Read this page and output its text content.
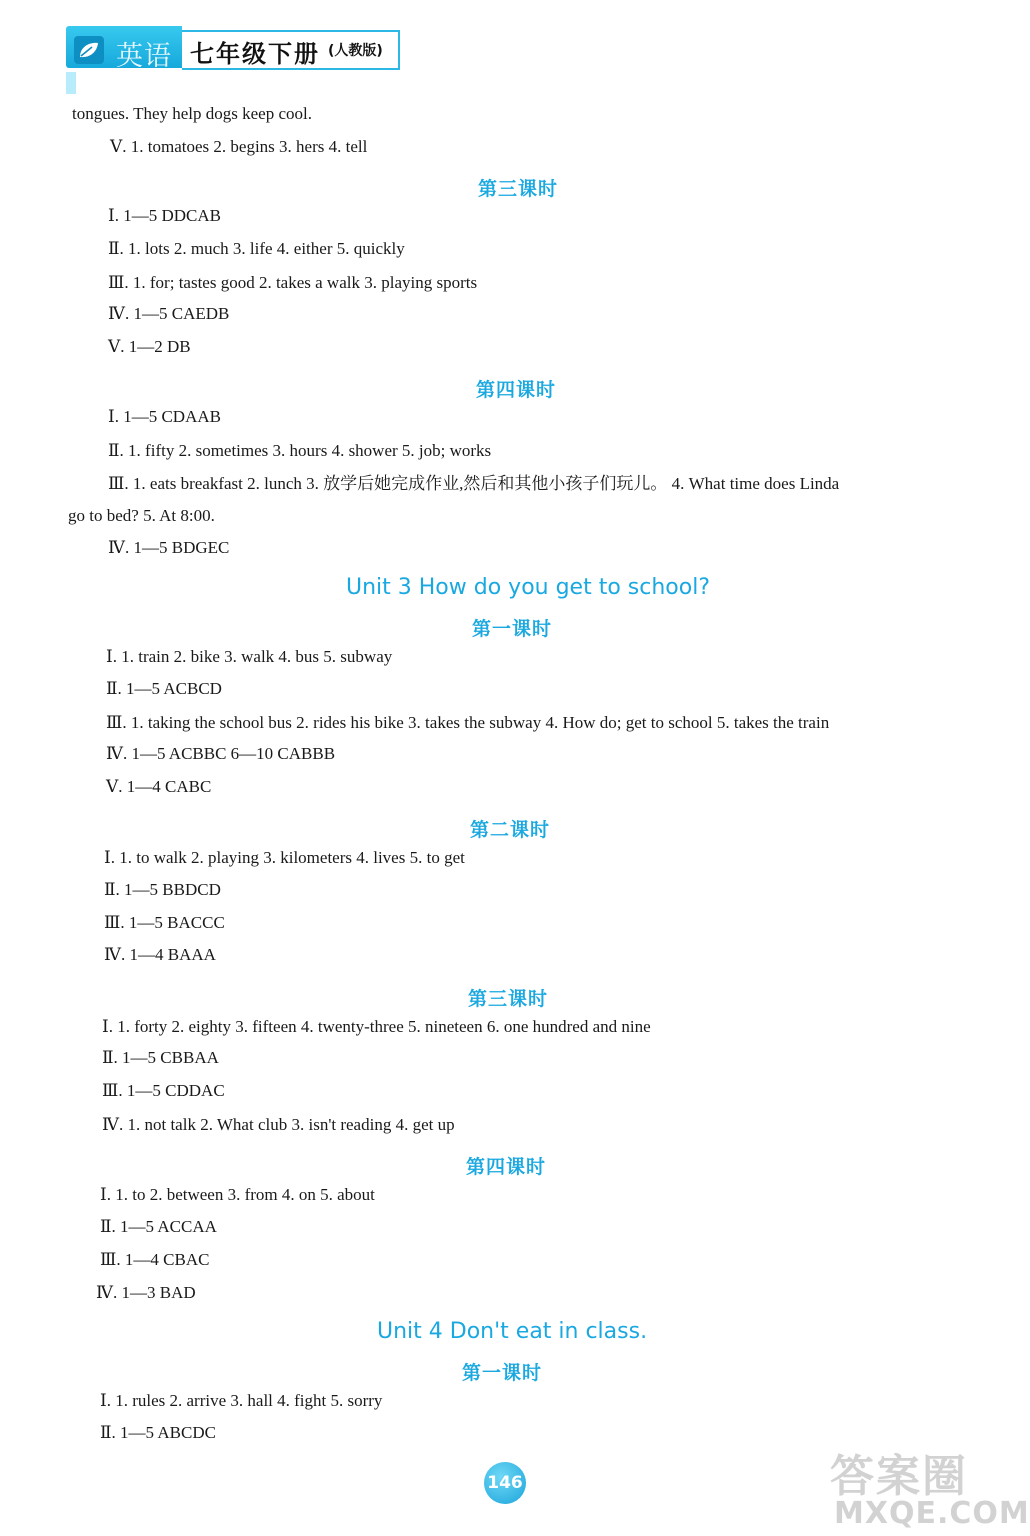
英语 七年级下册 (人教版)
tongues. They help dogs keep cool.
Ⅴ. 1. tomatoes 2. begins 3. hers 4. tell
第三课时
Ⅰ. 1—5 DDCAB
Ⅱ. 1. lots 2. much 3. life 4. either 5. quickly
Ⅲ. 1. for; tastes good 2. takes a walk 3. playing sports
Ⅳ. 1—5 CAEDB
Ⅴ. 1—2 DB
第四课时
Ⅰ. 1—5 CDAAB
Ⅱ. 1. fifty 2. sometimes 3. hours 4. shower 5. job; works
Ⅲ. 1. eats breakfast 2. lunch 3. 放学后她完成作业,然后和其他小孩子们玩儿。 4. What time does Linda
go to bed? 5. At 8:00.
Ⅳ. 1—5 BDGEC
Unit 3 How do you get to school?
第一课时
Ⅰ. 1. train 2. bike 3. walk 4. bus 5. subway
Ⅱ. 1—5 ACBCD
Ⅲ. 1. taking the school bus 2. rides his bike 3. takes the subway 4. How do; get to school 5. takes the train
Ⅳ. 1—5 ACBBC 6—10 CABBB
Ⅴ. 1—4 CABC
第二课时
Ⅰ. 1. to walk 2. playing 3. kilometers 4. lives 5. to get
Ⅱ. 1—5 BBDCD
Ⅲ. 1—5 BACCC
Ⅳ. 1—4 BAAA
第三课时
Ⅰ. 1. forty 2. eighty 3. fifteen 4. twenty-three 5. nineteen 6. one hundred and nine
Ⅱ. 1—5 CBBAA
Ⅲ. 1—5 CDDAC
Ⅳ. 1. not talk 2. What club 3. isn't reading 4. get up
第四课时
Ⅰ. 1. to 2. between 3. from 4. on 5. about
Ⅱ. 1—5 ACCAA
Ⅲ. 1—4 CBAC
Ⅳ. 1—3 BAD
Unit 4 Don't eat in class.
第一课时
Ⅰ. 1. rules 2. arrive 3. hall 4. fight 5. sorry
Ⅱ. 1—5 ABCDC
146	答案圈
MXQE.COM
